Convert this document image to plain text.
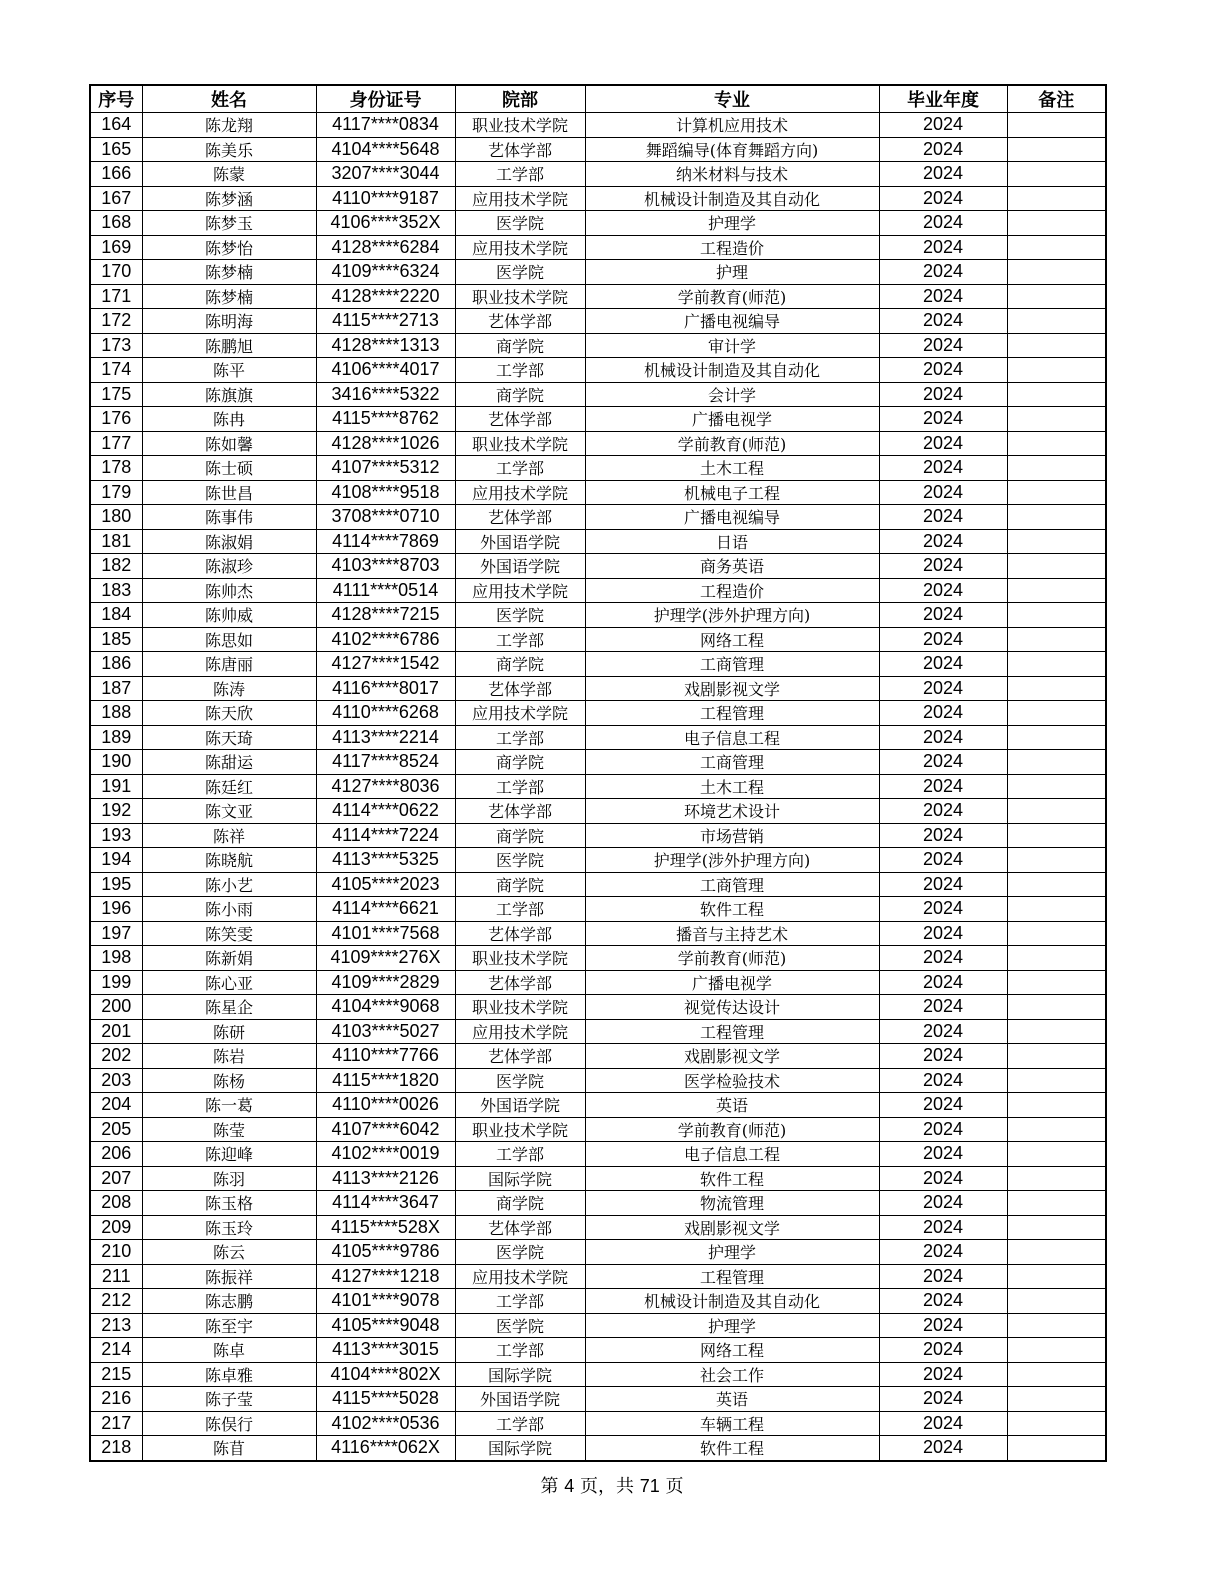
序号	姓名	身份证号	院部	专业	毕业年度	备注
164	陈龙翔	4117****0834	职业技术学院	计算机应用技术	2024	
165	陈美乐	4104****5648	艺体学部	舞蹈编导(体育舞蹈方向)	2024	
166	陈蒙	3207****3044	工学部	纳米材料与技术	2024	
167	陈梦涵	4110****9187	应用技术学院	机械设计制造及其自动化	2024	
168	陈梦玉	4106****352X	医学院	护理学	2024	
169	陈梦怡	4128****6284	应用技术学院	工程造价	2024	
170	陈梦楠	4109****6324	医学院	护理	2024	
171	陈梦楠	4128****2220	职业技术学院	学前教育(师范)	2024	
172	陈明海	4115****2713	艺体学部	广播电视编导	2024	
173	陈鹏旭	4128****1313	商学院	审计学	2024	
174	陈平	4106****4017	工学部	机械设计制造及其自动化	2024	
175	陈旗旗	3416****5322	商学院	会计学	2024	
176	陈冉	4115****8762	艺体学部	广播电视学	2024	
177	陈如馨	4128****1026	职业技术学院	学前教育(师范)	2024	
178	陈士硕	4107****5312	工学部	土木工程	2024	
179	陈世昌	4108****9518	应用技术学院	机械电子工程	2024	
180	陈事伟	3708****0710	艺体学部	广播电视编导	2024	
181	陈淑娟	4114****7869	外国语学院	日语	2024	
182	陈淑珍	4103****8703	外国语学院	商务英语	2024	
183	陈帅杰	4111****0514	应用技术学院	工程造价	2024	
184	陈帅威	4128****7215	医学院	护理学(涉外护理方向)	2024	
185	陈思如	4102****6786	工学部	网络工程	2024	
186	陈唐丽	4127****1542	商学院	工商管理	2024	
187	陈涛	4116****8017	艺体学部	戏剧影视文学	2024	
188	陈天欣	4110****6268	应用技术学院	工程管理	2024	
189	陈天琦	4113****2214	工学部	电子信息工程	2024	
190	陈甜运	4117****8524	商学院	工商管理	2024	
191	陈廷红	4127****8036	工学部	土木工程	2024	
192	陈文亚	4114****0622	艺体学部	环境艺术设计	2024	
193	陈祥	4114****7224	商学院	市场营销	2024	
194	陈晓航	4113****5325	医学院	护理学(涉外护理方向)	2024	
195	陈小艺	4105****2023	商学院	工商管理	2024	
196	陈小雨	4114****6621	工学部	软件工程	2024	
197	陈笑雯	4101****7568	艺体学部	播音与主持艺术	2024	
198	陈新娟	4109****276X	职业技术学院	学前教育(师范)	2024	
199	陈心亚	4109****2829	艺体学部	广播电视学	2024	
200	陈星企	4104****9068	职业技术学院	视觉传达设计	2024	
201	陈研	4103****5027	应用技术学院	工程管理	2024	
202	陈岩	4110****7766	艺体学部	戏剧影视文学	2024	
203	陈杨	4115****1820	医学院	医学检验技术	2024	
204	陈一葛	4110****0026	外国语学院	英语	2024	
205	陈莹	4107****6042	职业技术学院	学前教育(师范)	2024	
206	陈迎峰	4102****0019	工学部	电子信息工程	2024	
207	陈羽	4113****2126	国际学院	软件工程	2024	
208	陈玉格	4114****3647	商学院	物流管理	2024	
209	陈玉玲	4115****528X	艺体学部	戏剧影视文学	2024	
210	陈云	4105****9786	医学院	护理学	2024	
211	陈振祥	4127****1218	应用技术学院	工程管理	2024	
212	陈志鹏	4101****9078	工学部	机械设计制造及其自动化	2024	
213	陈至宇	4105****9048	医学院	护理学	2024	
214	陈卓	4113****3015	工学部	网络工程	2024	
215	陈卓雅	4104****802X	国际学院	社会工作	2024	
216	陈子莹	4115****5028	外国语学院	英语	2024	
217	陈俣行	4102****0536	工学部	车辆工程	2024	
218	陈苜	4116****062X	国际学院	软件工程	2024	
第 4 页，共 71 页
